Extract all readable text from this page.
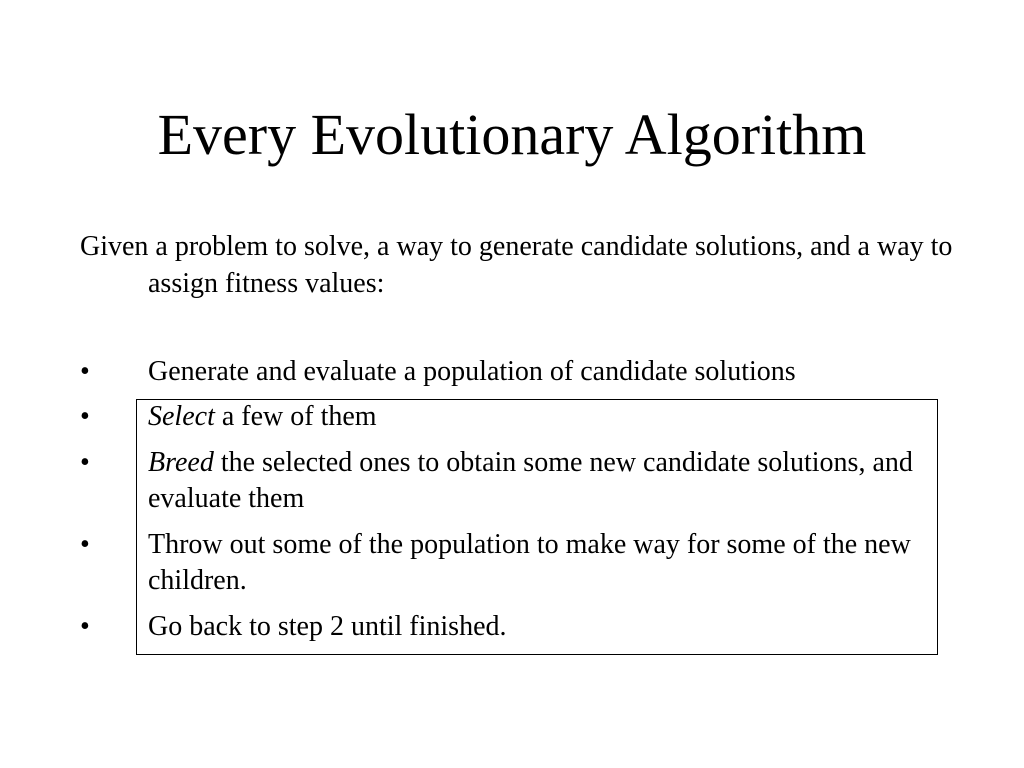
Every Evolutionary Algorithm

Given a problem to solve, a way to generate candidate solutions, and a way to assign fitness values:

•	Generate and evaluate a population of candidate solutions
•	Select a few of them
•	Breed the selected ones to obtain some new candidate solutions, and evaluate them
•	Throw out some of the population to make way for some of the new children.
•	Go back to step 2 until finished.
